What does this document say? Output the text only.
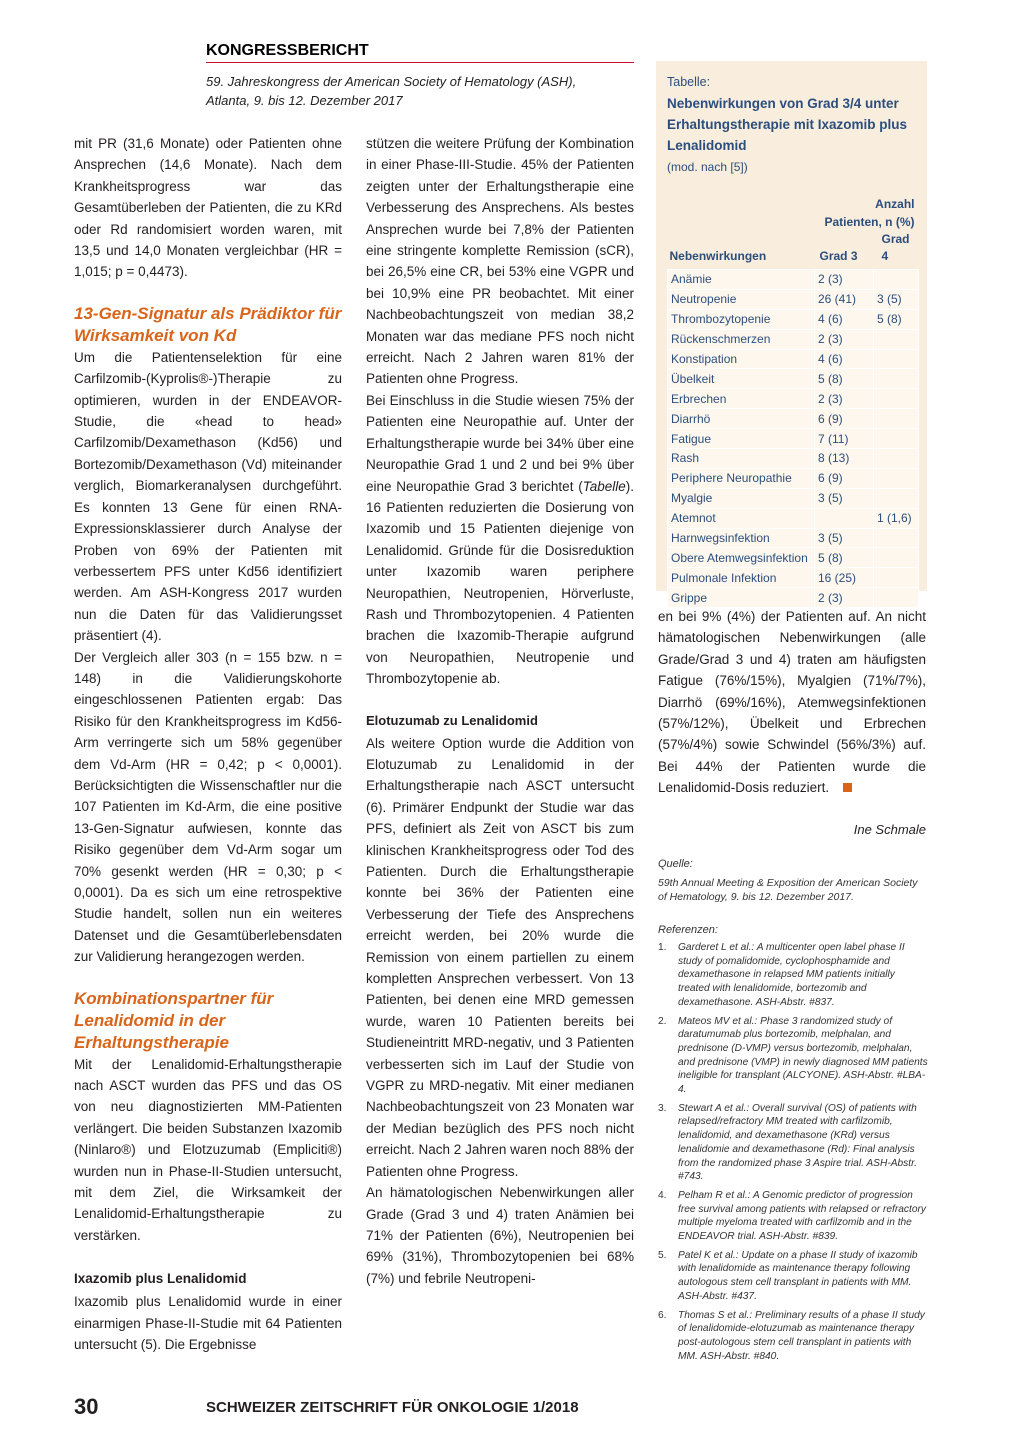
KONGRESSBERICHT
59. Jahreskongress der American Society of Hematology (ASH),
Atlanta, 9. bis 12. Dezember 2017

mit PR (31,6 Monate) oder Patienten ohne Ansprechen (14,6 Monate). Nach dem Krankheitsprogress war das Gesamtüberleben der Patienten, die zu KRd oder Rd randomisiert worden waren, mit 13,5 und 14,0 Monaten vergleichbar (HR = 1,015; p = 0,4473).

13-Gen-Signatur als Prädiktor für Wirksamkeit von Kd

Um die Patientenselektion für eine Carfilzomib-(Kyprolis®-)Therapie zu optimieren, wurden in der ENDEAVOR-Studie, die «head to head» Carfilzomib/Dexamethason (Kd56) und Bortezomib/Dexamethason (Vd) miteinander verglich, Biomarkeranalysen durchgeführt. Es konnten 13 Gene für einen RNA-Expressionsklassierer durch Analyse der Proben von 69% der Patienten mit verbessertem PFS unter Kd56 identifiziert werden. Am ASH-Kongress 2017 wurden nun die Daten für das Validierungsset präsentiert (4).

Der Vergleich aller 303 (n = 155 bzw. n = 148) in die Validierungskohorte eingeschlossenen Patienten ergab: Das Risiko für den Krankheitsprogress im Kd56-Arm verringerte sich um 58% gegenüber dem Vd-Arm (HR = 0,42; p < 0,0001). Berücksichtigten die Wissenschaftler nur die 107 Patienten im Kd-Arm, die eine positive 13-Gen-Signatur aufwiesen, konnte das Risiko gegenüber dem Vd-Arm sogar um 70% gesenkt werden (HR = 0,30; p < 0,0001). Da es sich um eine retrospektive Studie handelt, sollen nun ein weiteres Datenset und die Gesamtüberlebensdaten zur Validierung herangezogen werden.

Kombinationspartner für Lenalidomid in der Erhaltungstherapie

Mit der Lenalidomid-Erhaltungstherapie nach ASCT wurden das PFS und das OS von neu diagnostizierten MM-Patienten verlängert. Die beiden Substanzen Ixazomib (Ninlaro®) und Elotzuzumab (Empliciti®) wurden nun in Phase-II-Studien untersucht, mit dem Ziel, die Wirksamkeit der Lenalidomid-Erhaltungstherapie zu verstärken.

Ixazomib plus Lenalidomid

Ixazomib plus Lenalidomid wurde in einer einarmigen Phase-II-Studie mit 64 Patienten untersucht (5). Die Ergebnisse

stützen die weitere Prüfung der Kombination in einer Phase-III-Studie. 45% der Patienten zeigten unter der Erhaltungstherapie eine Verbesserung des Ansprechens. Als bestes Ansprechen wurde bei 7,8% der Patienten eine stringente komplette Remission (sCR), bei 26,5% eine CR, bei 53% eine VGPR und bei 10,9% eine PR beobachtet. Mit einer Nachbeobachtungszeit von median 38,2 Monaten war das mediane PFS noch nicht erreicht. Nach 2 Jahren waren 81% der Patienten ohne Progress.

Bei Einschluss in die Studie wiesen 75% der Patienten eine Neuropathie auf. Unter der Erhaltungstherapie wurde bei 34% über eine Neuropathie Grad 1 und 2 und bei 9% über eine Neuropathie Grad 3 berichtet (Tabelle). 16 Patienten reduzierten die Dosierung von Ixazomib und 15 Patienten diejenige von Lenalidomid. Gründe für die Dosisreduktion unter Ixazomib waren periphere Neuropathien, Neutropenien, Hörverluste, Rash und Thrombozytopenien. 4 Patienten brachen die Ixazomib-Therapie aufgrund von Neuropathien, Neutropenie und Thrombozytopenie ab.

Elotuzumab zu Lenalidomid

Als weitere Option wurde die Addition von Elotuzumab zu Lenalidomid in der Erhaltungstherapie nach ASCT untersucht (6). Primärer Endpunkt der Studie war das PFS, definiert als Zeit von ASCT bis zum klinischen Krankheitsprogress oder Tod des Patienten. Durch die Erhaltungstherapie konnte bei 36% der Patienten eine Verbesserung der Tiefe des Ansprechens erreicht werden, bei 20% wurde die Remission von einem partiellen zu einem kompletten Ansprechen verbessert. Von 13 Patienten, bei denen eine MRD gemessen wurde, waren 10 Patienten bereits bei Studieneintritt MRD-negativ, und 3 Patienten verbesserten sich im Lauf der Studie von VGPR zu MRD-negativ. Mit einer medianen Nachbeobachtungszeit von 23 Monaten war der Median bezüglich des PFS noch nicht erreicht. Nach 2 Jahren waren noch 88% der Patienten ohne Progress.

An hämatologischen Nebenwirkungen aller Grade (Grad 3 und 4) traten Anämien bei 71% der Patienten (6%), Neutropenien bei 69% (31%), Thrombozytopenien bei 68% (7%) und febrile Neutropeni-

Tabelle:
Nebenwirkungen von Grad 3/4 unter Erhaltungstherapie mit Ixazomib plus Lenalidomid
(mod. nach [5])
	Anzahl Patienten, n (%)	
Nebenwirkungen	Grad 3	Grad 4
Anämie	2 (3)	
Neutropenie	26 (41)	3 (5)
Thrombozytopenie	4 (6)	5 (8)
Rückenschmerzen	2 (3)	
Konstipation	4 (6)	
Übelkeit	5 (8)	
Erbrechen	2 (3)	
Diarrhö	6 (9)	
Fatigue	7 (11)	
Rash	8 (13)	
Periphere Neuropathie	6 (9)	
Myalgie	3 (5)	
Atemnot		1 (1,6)
Harnwegsinfektion	3 (5)	
Obere Atemwegsinfektion	5 (8)	
Pulmonale Infektion	16 (25)	
Grippe	2 (3)	
en bei 9% (4%) der Patienten auf. An nicht hämatologischen Nebenwirkungen (alle Grade/Grad 3 und 4) traten am häufigsten Fatigue (76%/15%), Myalgien (71%/7%), Diarrhö (69%/16%), Atemwegsinfektionen (57%/12%), Übelkeit und Erbrechen (57%/4%) sowie Schwindel (56%/3%) auf. Bei 44% der Patienten wurde die Lenalidomid-Dosis reduziert.
Ine Schmale
Quelle:
59th Annual Meeting & Exposition der American Society of Hematology, 9. bis 12. Dezember 2017.
Referenzen:
1. Garderet L et al.: A multicenter open label phase II study of pomalidomide, cyclophosphamide and dexamethasone in relapsed MM patients initially treated with lenalidomide, bortezomib and dexamethasone. ASH-Abstr. #837.
2. Mateos MV et al.: Phase 3 randomized study of daratumumab plus bortezomib, melphalan, and prednisone (D-VMP) versus bortezomib, melphalan, and prednisone (VMP) in newly diagnosed MM patients ineligible for transplant (ALCYONE). ASH-Abstr. #LBA-4.
3. Stewart A et al.: Overall survival (OS) of patients with relapsed/refractory MM treated with carfilzomib, lenalidomid, and dexamethasone (KRd) versus lenalidomie and dexamethasone (Rd): Final analysis from the randomized phase 3 Aspire trial. ASH-Abstr. #743.
4. Pelham R et al.: A Genomic predictor of progression free survival among patients with relapsed or refractory multiple myeloma treated with carfilzomib and in the ENDEAVOR trial. ASH-Abstr. #839.
5. Patel K et al.: Update on a phase II study of ixazomib with lenalidomide as maintenance therapy following autologous stem cell transplant in patients with MM. ASH-Abstr. #437.
6. Thomas S et al.: Preliminary results of a phase II study of lenalidomide-elotuzumab as maintenance therapy post-autologous stem cell transplant in patients with MM. ASH-Abstr. #840.
30	SCHWEIZER ZEITSCHRIFT FÜR ONKOLOGIE 1/2018
